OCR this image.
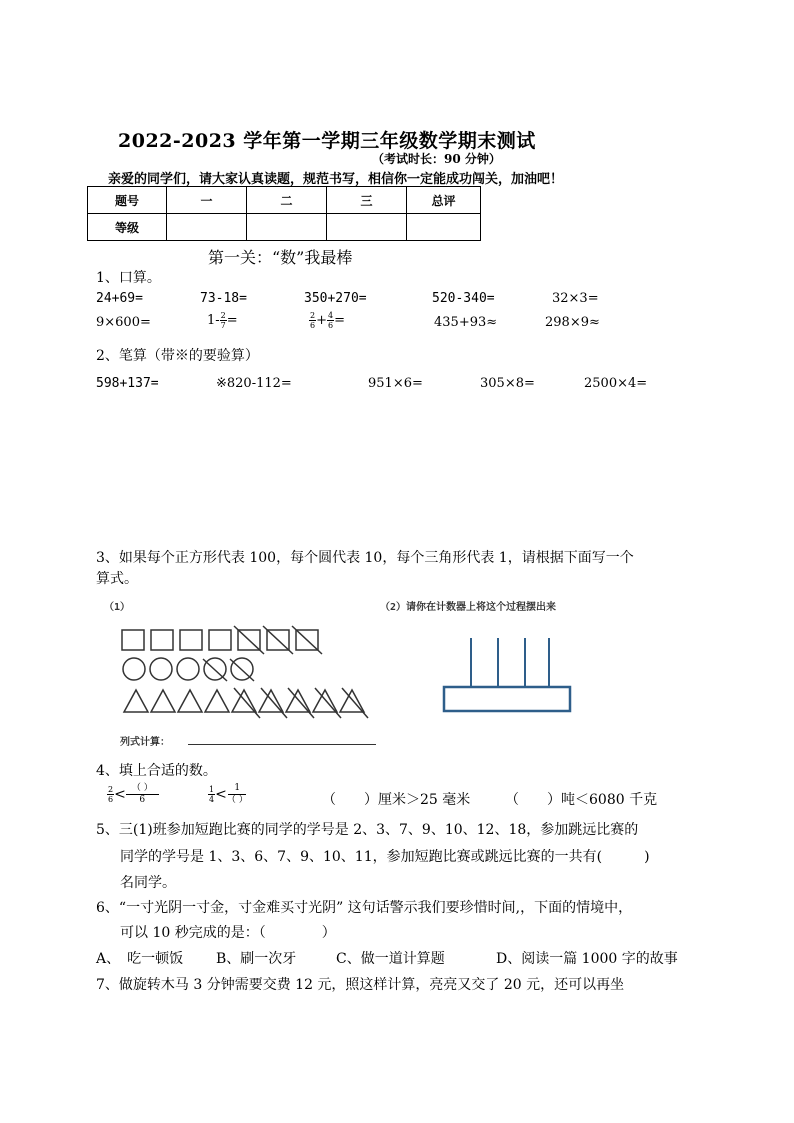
2022-2023 学年第一学期三年级数学期末测试
（考试时长：90 分钟）
亲爱的同学们，请大家认真读题，规范书写，相信你一定能成功闯关，加油吧！
题号	一	二	三	总评
等级				
第一关：“数”我最棒
1、口算。
24+69=	73-18=	350+270=	520-340=	32×3=
9×600=	$1- \frac{2}{7}$ =	$\frac{2}{6} + \frac{4}{6}$ =	435+93≈	298×9≈
2、笔算（带※的要验算）
598+137=	※820-112=	951×6=	305×8=	2500×4=
3、如果每个正方形代表 100，每个圆代表 10，每个三角形代表 1，请根据下面写一个
算式。
（1）	（2）请你在计数器上将这个过程摆出来
列式计算：
4、填上合适的数。
$\frac{2}{6}$ < （ ）
6	$\frac{1}{4} < 1$
（ ）	（　　）厘米＞25 毫米 （　　）吨＜6080 千克
5、三(1)班参加短跑比赛的同学的学号是 2、3、7、9、10、12、18，参加跳远比赛的
同学的学号是 1、3、6、7、9、10、11，参加短跑比赛或跳远比赛的一共有(　　　)
名同学。
6、“一寸光阴一寸金，寸金难买寸光阴” 这句话警示我们要珍惜时间,，下面的情境中，
可以 10 秒完成的是：（　　　　）
A、　吃一顿饭 B、刷一次牙	C、做一道计算题	D、阅读一篇 1000 字的故事
7、做旋转木马 3 分钟需要交费 12 元，照这样计算，亮亮又交了 20 元，还可以再坐
